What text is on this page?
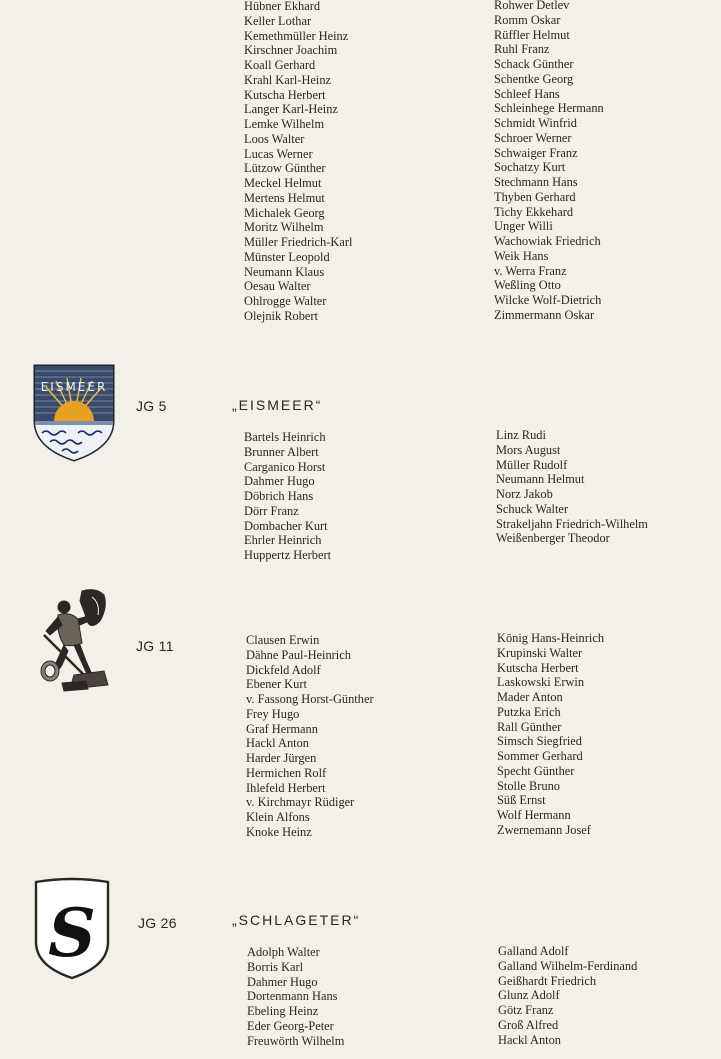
Hübner Ekhard
Keller Lothar
Kemethmüller Heinz
Kirschner Joachim
Koall Gerhard
Krahl Karl-Heinz
Kutscha Herbert
Langer Karl-Heinz
Lemke Wilhelm
Loos Walter
Lucas Werner
Lützow Günther
Meckel Helmut
Mertens Helmut
Michalek Georg
Moritz Wilhelm
Müller Friedrich-Karl
Münster Leopold
Neumann Klaus
Oesau Walter
Ohlrogge Walter
Olejnik Robert
Rohwer Detlev
Romm Oskar
Rüffler Helmut
Ruhl Franz
Schack Günther
Schentke Georg
Schleef Hans
Schleinhege Hermann
Schmidt Winfrid
Schroer Werner
Schwaiger Franz
Sochatzy Kurt
Stechmann Hans
Thyben Gerhard
Tichy Ekkehard
Unger Willi
Wachowiak Friedrich
Weik Hans
v. Werra Franz
Weßling Otto
Wilcke Wolf-Dietrich
Zimmermann Oskar
EISMEER
JG 5	„EISMEER“
Bartels Heinrich
Brunner Albert
Carganico Horst
Dahmer Hugo
Döbrich Hans
Dörr Franz
Dombacher Kurt
Ehrler Heinrich
Huppertz Herbert
Linz Rudi
Mors August
Müller Rudolf
Neumann Helmut
Norz Jakob
Schuck Walter
Strakeljahn Friedrich-Wilhelm
Weißenberger Theodor
JG 11	Clausen Erwin
Dähne Paul-Heinrich
Dickfeld Adolf
Ebener Kurt
v. Fassong Horst-Günther
Frey Hugo
Graf Hermann
Hackl Anton
Harder Jürgen
Hermichen Rolf
Ihlefeld Herbert
v. Kirchmayr Rüdiger
Klein Alfons
Knoke Heinz
König Hans-Heinrich
Krupinski Walter
Kutscha Herbert
Laskowski Erwin
Mader Anton
Putzka Erich
Rall Günther
Simsch Siegfried
Sommer Gerhard
Specht Günther
Stolle Bruno
Süß Ernst
Wolf Hermann
Zwernemann Josef
S	JG 26	„SCHLAGETER“
Adolph Walter
Borris Karl
Dahmer Hugo
Dortenmann Hans
Ebeling Heinz
Eder Georg-Peter
Freuwörth Wilhelm
Galland Adolf
Galland Wilhelm-Ferdinand
Geißhardt Friedrich
Glunz Adolf
Götz Franz
Groß Alfred
Hackl Anton
